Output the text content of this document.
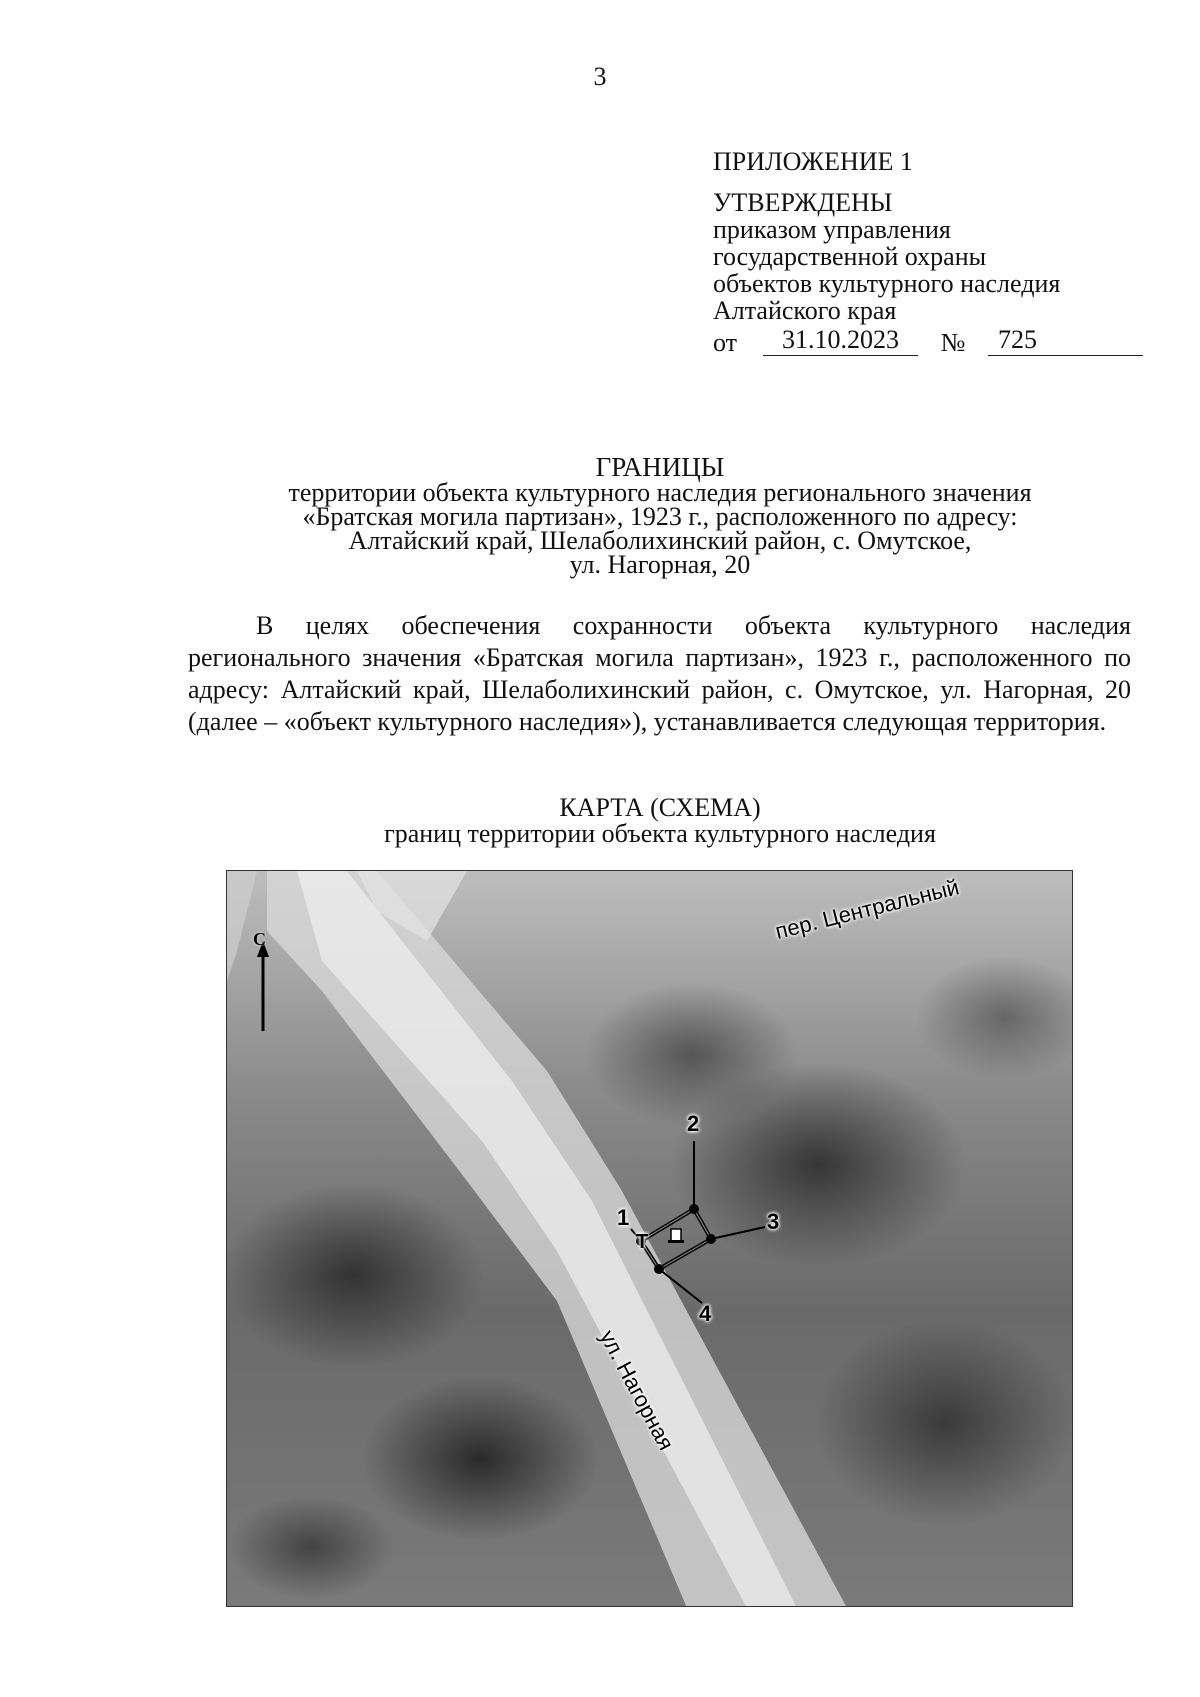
3
ПРИЛОЖЕНИЕ 1
УТВЕРЖДЕНЫ
приказом управления
государственной охраны
объектов культурного наследия
Алтайского края
от	31.10.2023	№	725
ГРАНИЦЫ
территории объекта культурного наследия регионального значения
«Братская могила партизан», 1923 г., расположенного по адресу:
Алтайский край, Шелаболихинский район, с. Омутское,
ул. Нагорная, 20
В целях обеспечения сохранности объекта культурного наследия регионального значения «Братская могила партизан», 1923 г., расположенного по адресу: Алтайский край, Шелаболихинский район, с. Омутское, ул. Нагорная, 20 (далее – «объект культурного наследия»), устанавливается следующая территория.
КАРТА (СХЕМА)
границ территории объекта культурного наследия
С	пер. Центральный
ул. Нагорная
1
2
3
4
Т
